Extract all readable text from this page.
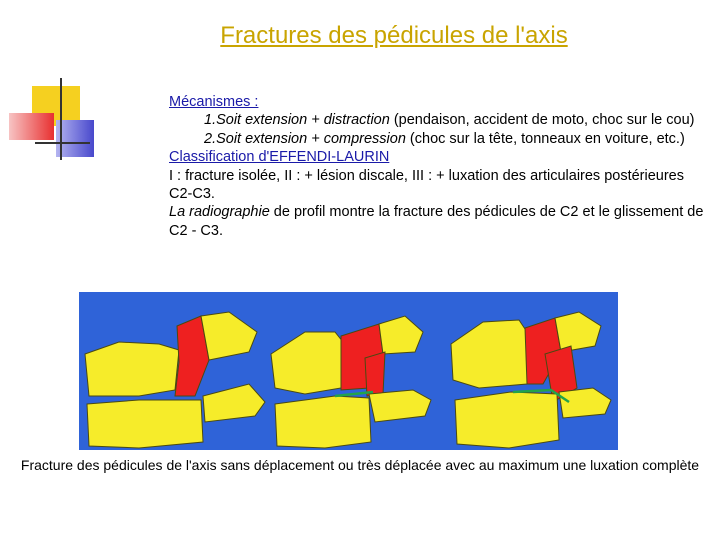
Fractures des pédicules de l'axis
Mécanismes :
1.Soit extension + distraction (pendaison, accident de moto, choc sur le cou)
2.Soit extension + compression (choc sur la tête, tonneaux en voiture, etc.)
Classification d'EFFENDI-LAURIN
I : fracture isolée, II : + lésion discale, III : + luxation des articulaires postérieures C2-C3.
La radiographie de profil montre la fracture des pédicules de C2 et le glissement de C2 - C3.
Fracture des pédicules de l'axis sans déplacement ou très déplacée avec au maximum une luxation complète
